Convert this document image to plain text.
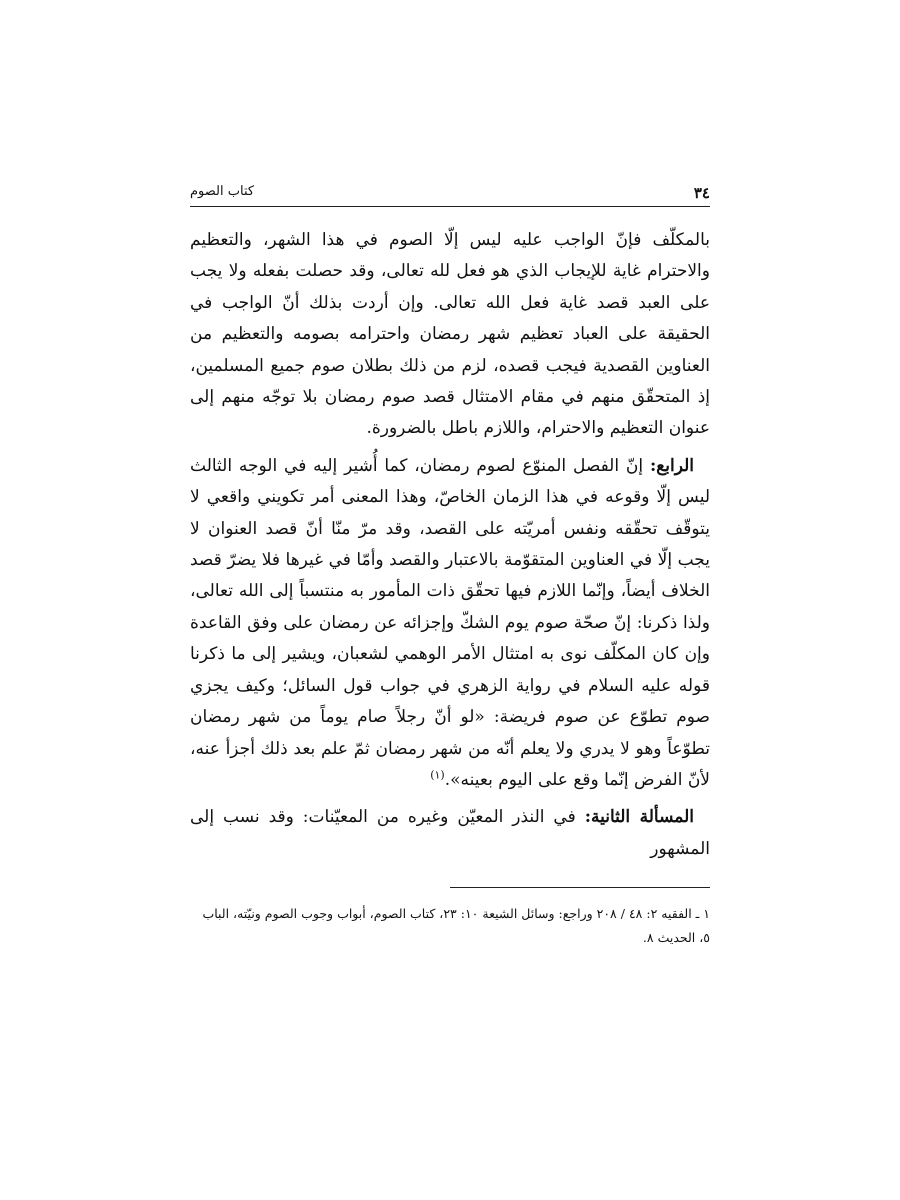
٣٤
كتاب الصوم

بالمكلّف فإنّ الواجب عليه ليس إلّا الصوم في هذا الشهر، والتعظيم والاحترام غاية للإيجاب الذي هو فعل لله تعالى، وقد حصلت بفعله ولا يجب على العبد قصد غاية فعل الله تعالى. وإن أردت بذلك أنّ الواجب في الحقيقة على العباد تعظيم شهر رمضان واحترامه بصومه والتعظيم من العناوين القصدية فيجب قصده، لزم من ذلك بطلان صوم جميع المسلمين، إذ المتحقّق منهم في مقام الامتثال قصد صوم رمضان بلا توجّه منهم إلى عنوان التعظيم والاحترام، واللازم باطل بالضرورة.

الرابع: إنّ الفصل المنوّع لصوم رمضان، كما أُشير إليه في الوجه الثالث ليس إلّا وقوعه في هذا الزمان الخاصّ، وهذا المعنى أمر تكويني واقعي لا يتوقّف تحقّقه ونفس أمريّته على القصد، وقد مرّ منّا أنّ قصد العنوان لا يجب إلّا في العناوين المتقوّمة بالاعتبار والقصد وأمّا في غيرها فلا يضرّ قصد الخلاف أيضاً، وإنّما اللازم فيها تحقّق ذات المأمور به منتسباً إلى الله تعالى، ولذا ذكرنا: إنّ صحّة صوم يوم الشكّ وإجزائه عن رمضان على وفق القاعدة وإن كان المكلّف نوى به امتثال الأمر الوهمي لشعبان، ويشير إلى ما ذكرنا قوله عليه السلام في رواية الزهري في جواب قول السائل؛ وكيف يجزي صوم تطوّع عن صوم فريضة: «لو أنّ رجلاً صام يوماً من شهر رمضان تطوّعاً وهو لا يدري ولا يعلم أنّه من شهر رمضان ثمّ علم بعد ذلك أجزأ عنه، لأنّ الفرض إنّما وقع على اليوم بعينه».$^{(١)}$

المسألة الثانية: في النذر المعيّن وغيره من المعيّنات: وقد نسب إلى المشهور

١ ـ الفقيه ٢: ٤٨ / ٢٠٨ وراجع: وسائل الشيعة ١٠: ٢٣، كتاب الصوم، أبواب وجوب الصوم ونيّته، الباب ٥، الحديث ٨.
